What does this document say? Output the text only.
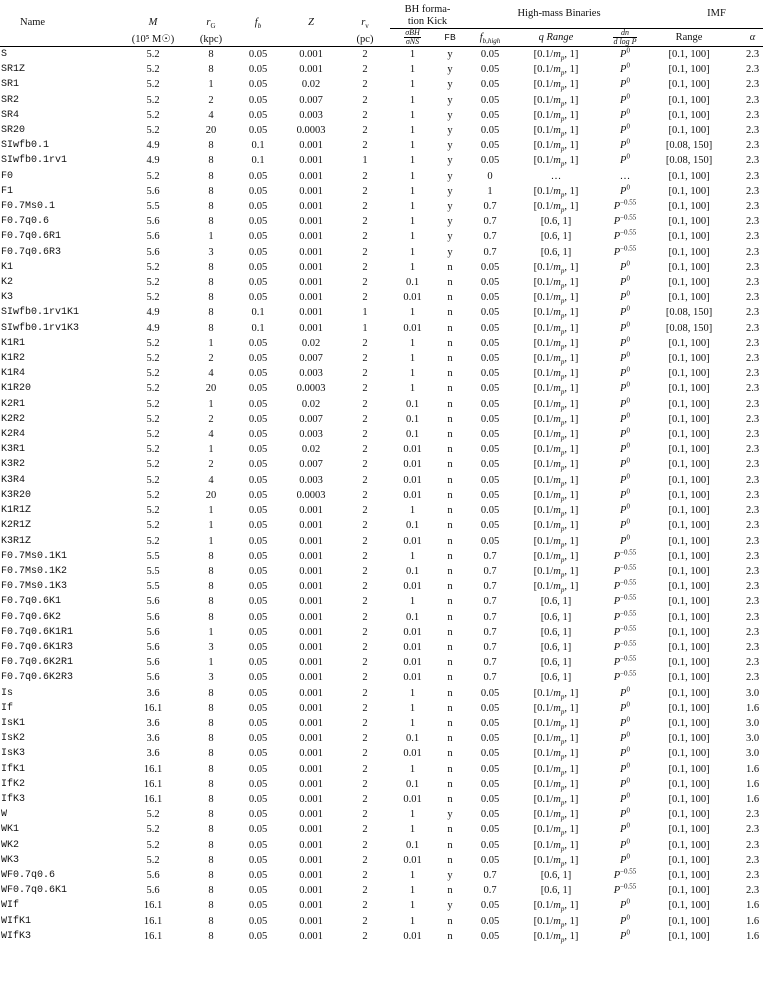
Name	M	$r_G$	$f_b$	Z	$r_v$	BH forma-
tion Kick		High-mass Binaries			IMF	

						$\frac{\text{σBH}}{\text{σNS}}$	FB	$f_{b,high}$	q Range	$\frac{dn}{\text{d log P}}$	Range	α
	(10⁵ M☉)	(kpc)			(pc)							
S	5.2	8	0.05	0.001	2	1	y	0.05	[$0.1/m_p$, 1]	$P^0$	[0.1, 100]	2.3
SR1Z	5.2	8	0.05	0.001	2	1	y	0.05	[$0.1/m_p$, 1]	$P^0$	[0.1, 100]	2.3
SR1	5.2	1	0.05	0.02	2	1	y	0.05	[$0.1/m_p$, 1]	$P^0$	[0.1, 100]	2.3
SR2	5.2	2	0.05	0.007	2	1	y	0.05	[$0.1/m_p$, 1]	$P^0$	[0.1, 100]	2.3
SR4	5.2	4	0.05	0.003	2	1	y	0.05	[$0.1/m_p$, 1]	$P^0$	[0.1, 100]	2.3
SR20	5.2	20	0.05	0.0003	2	1	y	0.05	[$0.1/m_p$, 1]	$P^0$	[0.1, 100]	2.3
SIwfb0.1	4.9	8	0.1	0.001	2	1	y	0.05	[$0.1/m_p$, 1]	$P^0$	[0.08, 150]	2.3
SIwfb0.1rv1	4.9	8	0.1	0.001	1	1	y	0.05	[$0.1/m_p$, 1]	$P^0$	[0.08, 150]	2.3
F0	5.2	8	0.05	0.001	2	1	y	0	…	…	[0.1, 100]	2.3
F1	5.6	8	0.05	0.001	2	1	y	1	[$0.1/m_p$, 1]	$P^0$	[0.1, 100]	2.3
F0.7Ms0.1	5.5	8	0.05	0.001	2	1	y	0.7	[$0.1/m_p$, 1]	$P^{-0.55}$	[0.1, 100]	2.3
F0.7q0.6	5.6	8	0.05	0.001	2	1	y	0.7	[0.6, 1]	$P^{-0.55}$	[0.1, 100]	2.3
F0.7q0.6R1	5.6	1	0.05	0.001	2	1	y	0.7	[0.6, 1]	$P^{-0.55}$	[0.1, 100]	2.3
F0.7q0.6R3	5.6	3	0.05	0.001	2	1	y	0.7	[0.6, 1]	$P^{-0.55}$	[0.1, 100]	2.3
K1	5.2	8	0.05	0.001	2	1	n	0.05	[$0.1/m_p$, 1]	$P^0$	[0.1, 100]	2.3
K2	5.2	8	0.05	0.001	2	0.1	n	0.05	[$0.1/m_p$, 1]	$P^0$	[0.1, 100]	2.3
K3	5.2	8	0.05	0.001	2	0.01	n	0.05	[$0.1/m_p$, 1]	$P^0$	[0.1, 100]	2.3
SIwfb0.1rv1K1	4.9	8	0.1	0.001	1	1	n	0.05	[$0.1/m_p$, 1]	$P^0$	[0.08, 150]	2.3
SIwfb0.1rv1K3	4.9	8	0.1	0.001	1	0.01	n	0.05	[$0.1/m_p$, 1]	$P^0$	[0.08, 150]	2.3
K1R1	5.2	1	0.05	0.02	2	1	n	0.05	[$0.1/m_p$, 1]	$P^0$	[0.1, 100]	2.3
K1R2	5.2	2	0.05	0.007	2	1	n	0.05	[$0.1/m_p$, 1]	$P^0$	[0.1, 100]	2.3
K1R4	5.2	4	0.05	0.003	2	1	n	0.05	[$0.1/m_p$, 1]	$P^0$	[0.1, 100]	2.3
K1R20	5.2	20	0.05	0.0003	2	1	n	0.05	[$0.1/m_p$, 1]	$P^0$	[0.1, 100]	2.3
K2R1	5.2	1	0.05	0.02	2	0.1	n	0.05	[$0.1/m_p$, 1]	$P^0$	[0.1, 100]	2.3
K2R2	5.2	2	0.05	0.007	2	0.1	n	0.05	[$0.1/m_p$, 1]	$P^0$	[0.1, 100]	2.3
K2R4	5.2	4	0.05	0.003	2	0.1	n	0.05	[$0.1/m_p$, 1]	$P^0$	[0.1, 100]	2.3
K3R1	5.2	1	0.05	0.02	2	0.01	n	0.05	[$0.1/m_p$, 1]	$P^0$	[0.1, 100]	2.3
K3R2	5.2	2	0.05	0.007	2	0.01	n	0.05	[$0.1/m_p$, 1]	$P^0$	[0.1, 100]	2.3
K3R4	5.2	4	0.05	0.003	2	0.01	n	0.05	[$0.1/m_p$, 1]	$P^0$	[0.1, 100]	2.3
K3R20	5.2	20	0.05	0.0003	2	0.01	n	0.05	[$0.1/m_p$, 1]	$P^0$	[0.1, 100]	2.3
K1R1Z	5.2	1	0.05	0.001	2	1	n	0.05	[$0.1/m_p$, 1]	$P^0$	[0.1, 100]	2.3
K2R1Z	5.2	1	0.05	0.001	2	0.1	n	0.05	[$0.1/m_p$, 1]	$P^0$	[0.1, 100]	2.3
K3R1Z	5.2	1	0.05	0.001	2	0.01	n	0.05	[$0.1/m_p$, 1]	$P^0$	[0.1, 100]	2.3
F0.7Ms0.1K1	5.5	8	0.05	0.001	2	1	n	0.7	[$0.1/m_p$, 1]	$P^{-0.55}$	[0.1, 100]	2.3
F0.7Ms0.1K2	5.5	8	0.05	0.001	2	0.1	n	0.7	[$0.1/m_p$, 1]	$P^{-0.55}$	[0.1, 100]	2.3
F0.7Ms0.1K3	5.5	8	0.05	0.001	2	0.01	n	0.7	[$0.1/m_p$, 1]	$P^{-0.55}$	[0.1, 100]	2.3
F0.7q0.6K1	5.6	8	0.05	0.001	2	1	n	0.7	[0.6, 1]	$P^{-0.55}$	[0.1, 100]	2.3
F0.7q0.6K2	5.6	8	0.05	0.001	2	0.1	n	0.7	[0.6, 1]	$P^{-0.55}$	[0.1, 100]	2.3
F0.7q0.6K1R1	5.6	1	0.05	0.001	2	0.01	n	0.7	[0.6, 1]	$P^{-0.55}$	[0.1, 100]	2.3
F0.7q0.6K1R3	5.6	3	0.05	0.001	2	0.01	n	0.7	[0.6, 1]	$P^{-0.55}$	[0.1, 100]	2.3
F0.7q0.6K2R1	5.6	1	0.05	0.001	2	0.01	n	0.7	[0.6, 1]	$P^{-0.55}$	[0.1, 100]	2.3
F0.7q0.6K2R3	5.6	3	0.05	0.001	2	0.01	n	0.7	[0.6, 1]	$P^{-0.55}$	[0.1, 100]	2.3
Is	3.6	8	0.05	0.001	2	1	n	0.05	[$0.1/m_p$, 1]	$P^0$	[0.1, 100]	3.0
If	16.1	8	0.05	0.001	2	1	n	0.05	[$0.1/m_p$, 1]	$P^0$	[0.1, 100]	1.6
IsK1	3.6	8	0.05	0.001	2	1	n	0.05	[$0.1/m_p$, 1]	$P^0$	[0.1, 100]	3.0
IsK2	3.6	8	0.05	0.001	2	0.1	n	0.05	[$0.1/m_p$, 1]	$P^0$	[0.1, 100]	3.0
IsK3	3.6	8	0.05	0.001	2	0.01	n	0.05	[$0.1/m_p$, 1]	$P^0$	[0.1, 100]	3.0
IfK1	16.1	8	0.05	0.001	2	1	n	0.05	[$0.1/m_p$, 1]	$P^0$	[0.1, 100]	1.6
IfK2	16.1	8	0.05	0.001	2	0.1	n	0.05	[$0.1/m_p$, 1]	$P^0$	[0.1, 100]	1.6
IfK3	16.1	8	0.05	0.001	2	0.01	n	0.05	[$0.1/m_p$, 1]	$P^0$	[0.1, 100]	1.6
W	5.2	8	0.05	0.001	2	1	y	0.05	[$0.1/m_p$, 1]	$P^0$	[0.1, 100]	2.3
WK1	5.2	8	0.05	0.001	2	1	n	0.05	[$0.1/m_p$, 1]	$P^0$	[0.1, 100]	2.3
WK2	5.2	8	0.05	0.001	2	0.1	n	0.05	[$0.1/m_p$, 1]	$P^0$	[0.1, 100]	2.3
WK3	5.2	8	0.05	0.001	2	0.01	n	0.05	[$0.1/m_p$, 1]	$P^0$	[0.1, 100]	2.3
WF0.7q0.6	5.6	8	0.05	0.001	2	1	y	0.7	[0.6, 1]	$P^{-0.55}$	[0.1, 100]	2.3
WF0.7q0.6K1	5.6	8	0.05	0.001	2	1	n	0.7	[0.6, 1]	$P^{-0.55}$	[0.1, 100]	2.3
WIf	16.1	8	0.05	0.001	2	1	y	0.05	[$0.1/m_p$, 1]	$P^0$	[0.1, 100]	1.6
WIfK1	16.1	8	0.05	0.001	2	1	n	0.05	[$0.1/m_p$, 1]	$P^0$	[0.1, 100]	1.6
WIfK3	16.1	8	0.05	0.001	2	0.01	n	0.05	[$0.1/m_p$, 1]	$P^0$	[0.1, 100]	1.6
